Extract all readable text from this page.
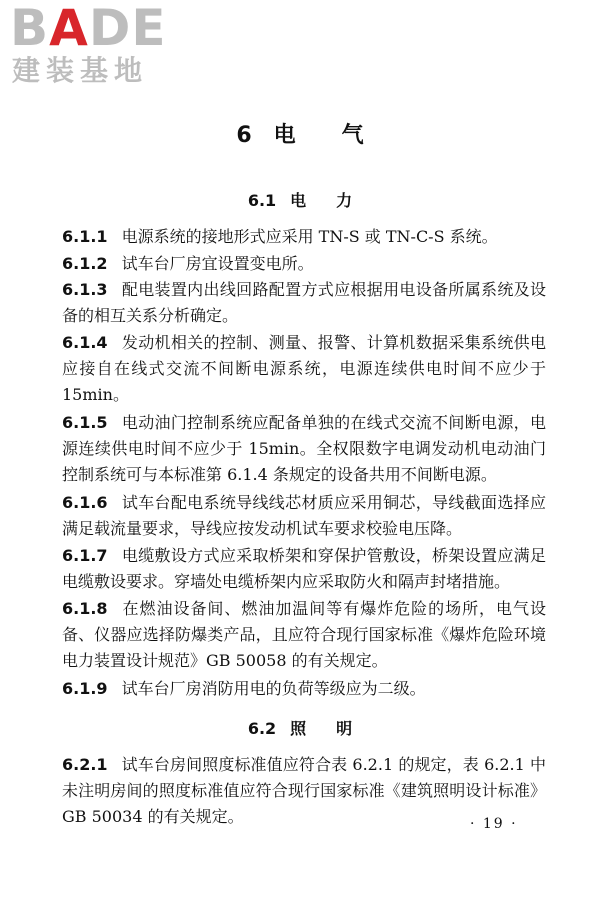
BADE
建装基地
6 电 气
6.1 电 力
6.1.1 电源系统的接地形式应采用 TN-S 或 TN-C-S 系统。
6.1.2 试车台厂房宜设置变电所。
6.1.3 配电装置内出线回路配置方式应根据用电设备所属系统及设备的相互关系分析确定。
6.1.4 发动机相关的控制、测量、报警、计算机数据采集系统供电应接自在线式交流不间断电源系统，电源连续供电时间不应少于 15min。
6.1.5 电动油门控制系统应配备单独的在线式交流不间断电源，电源连续供电时间不应少于 15min。全权限数字电调发动机电动油门控制系统可与本标准第 6.1.4 条规定的设备共用不间断电源。
6.1.6 试车台配电系统导线线芯材质应采用铜芯，导线截面选择应满足载流量要求，导线应按发动机试车要求校验电压降。
6.1.7 电缆敷设方式应采取桥架和穿保护管敷设，桥架设置应满足电缆敷设要求。穿墙处电缆桥架内应采取防火和隔声封堵措施。
6.1.8 在燃油设备间、燃油加温间等有爆炸危险的场所，电气设备、仪器应选择防爆类产品，且应符合现行国家标准《爆炸危险环境电力装置设计规范》GB 50058 的有关规定。
6.1.9 试车台厂房消防用电的负荷等级应为二级。
6.2 照 明
6.2.1 试车台房间照度标准值应符合表 6.2.1 的规定，表 6.2.1 中未注明房间的照度标准值应符合现行国家标准《建筑照明设计标准》GB 50034 的有关规定。	· 19 ·
